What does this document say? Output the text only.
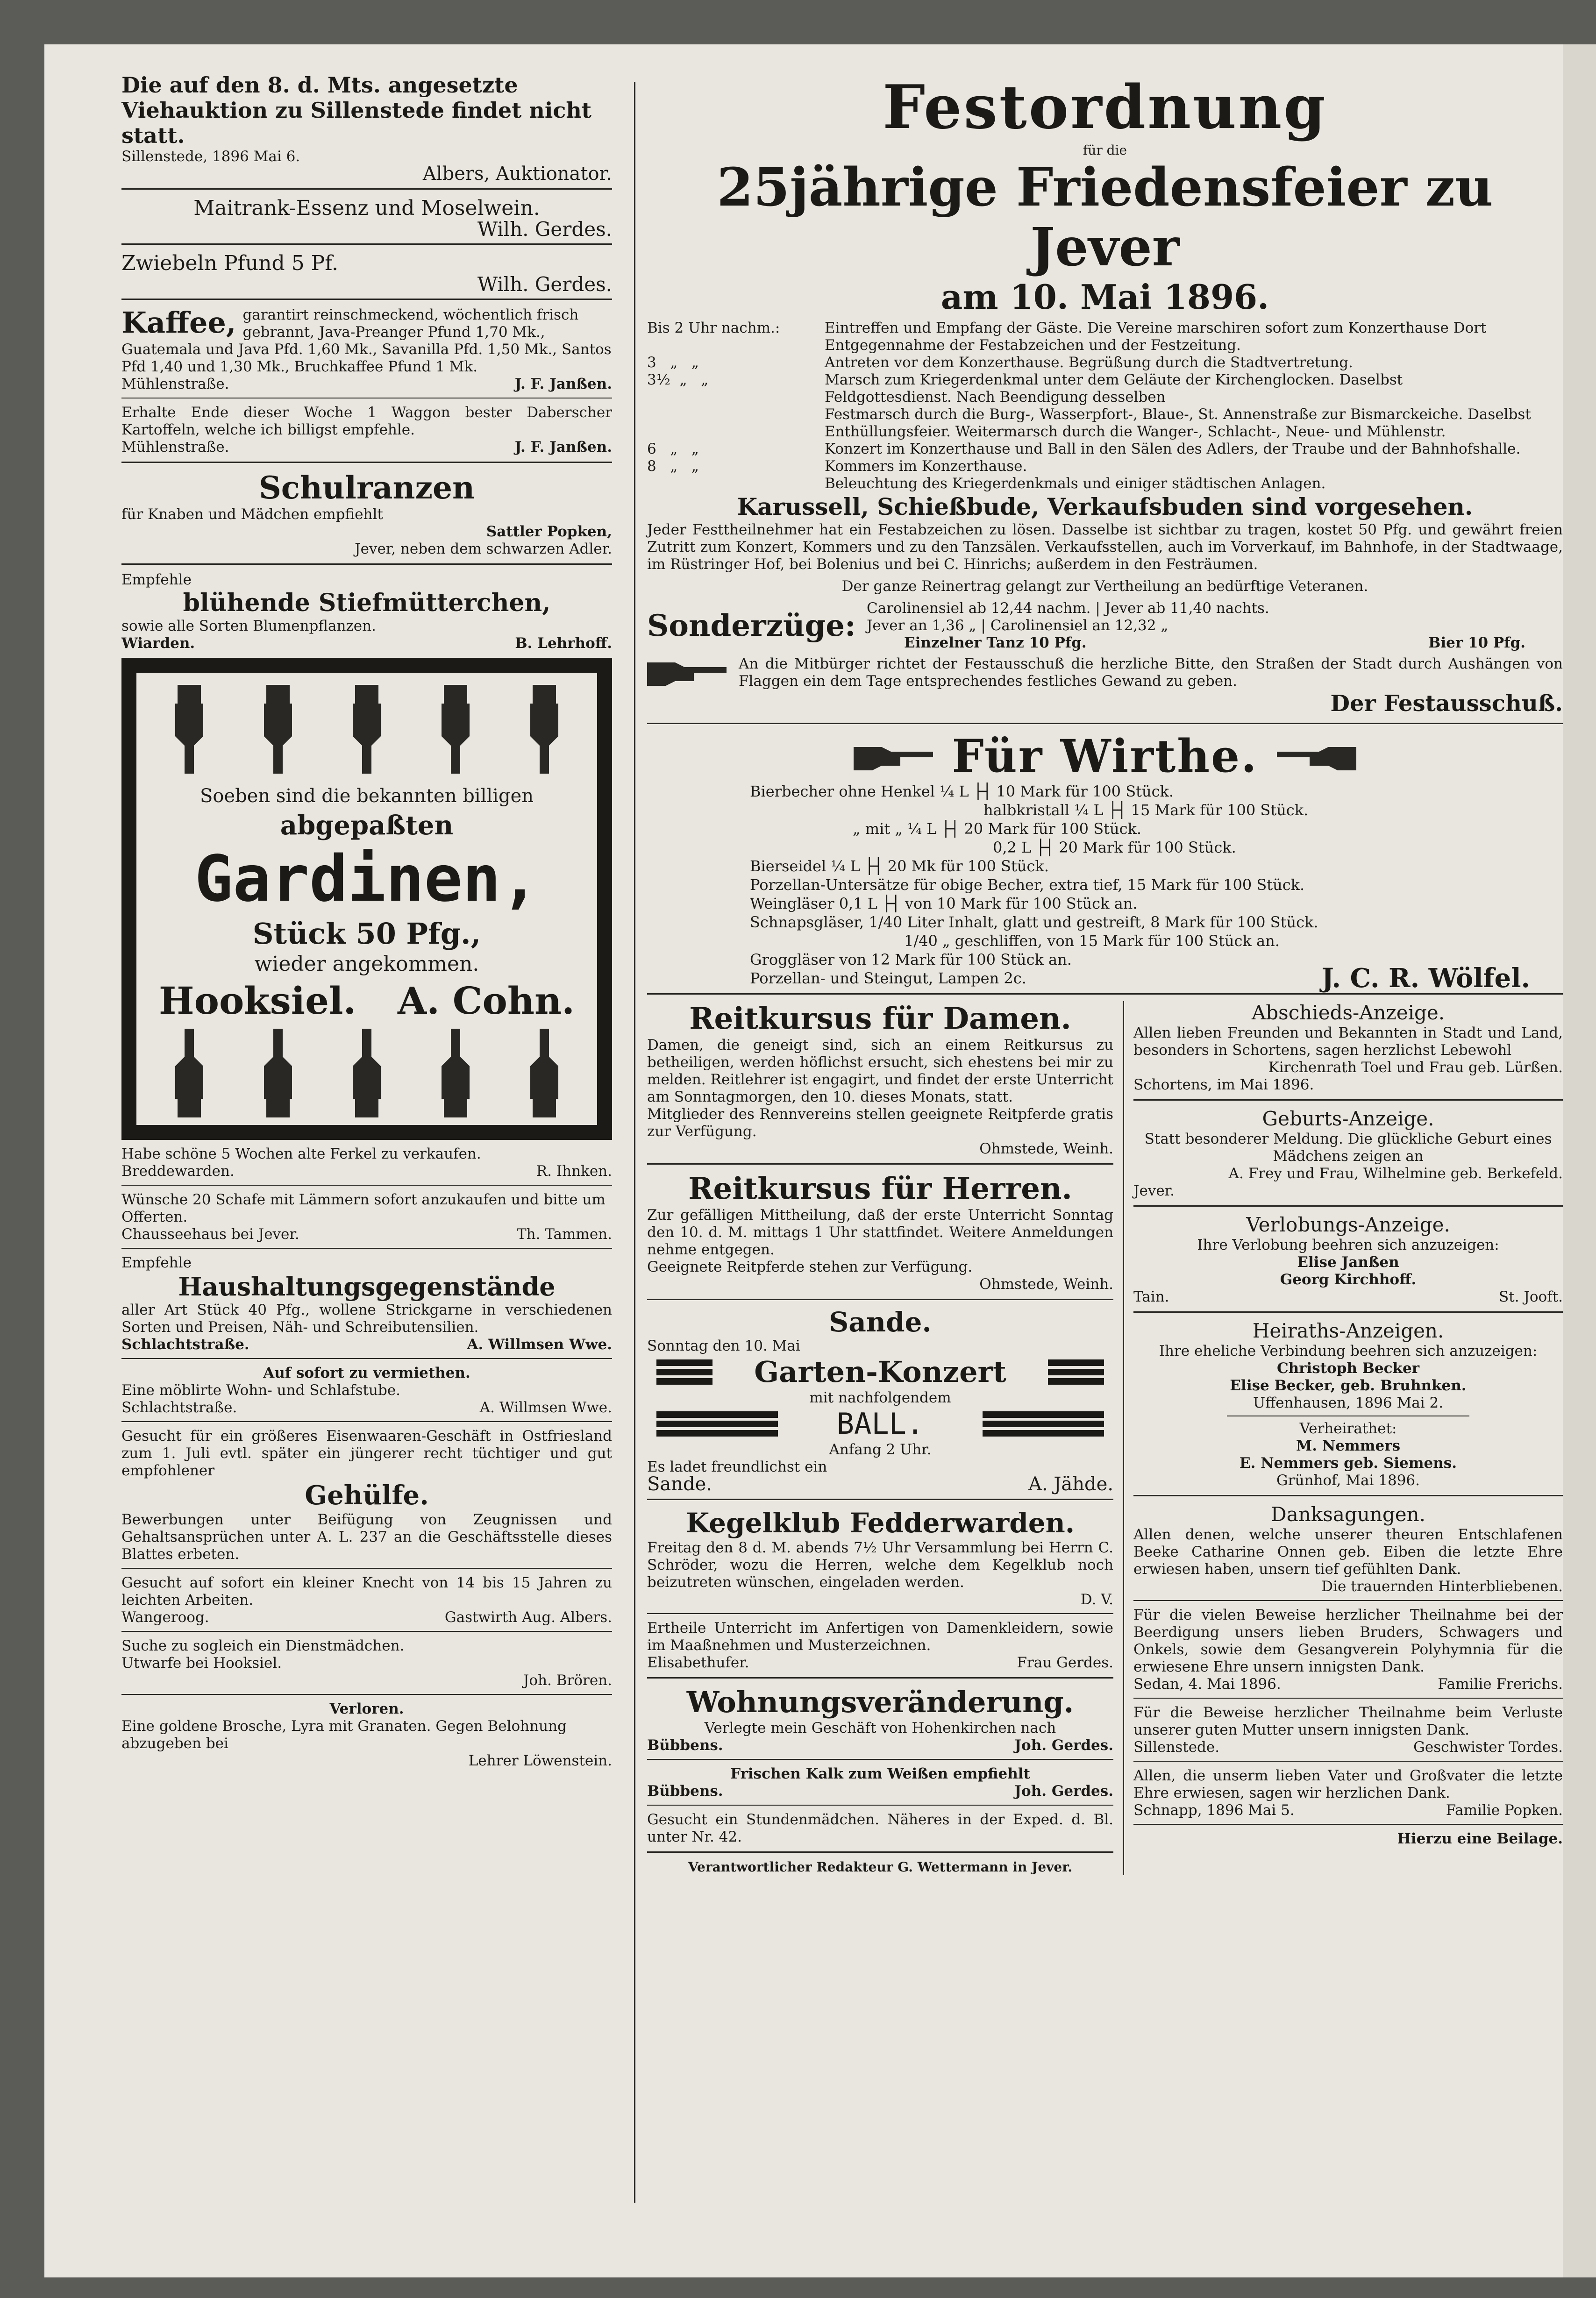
Die auf den 8. d. Mts. angesetzte Viehauktion zu Sillenstede findet nicht statt.
Sillenstede, 1896 Mai 6.
Albers, Auktionator.
Maitrank-Essenz und Moselwein.
Wilh. Gerdes.
Zwiebeln Pfund 5 Pf.
Wilh. Gerdes.
Kaffee, garantirt reinschmeckend, wöchentlich frisch gebrannt, Java-Preanger Pfund 1,70 Mk., Guatemala und Java Pfd. 1,60 Mk., Savanilla Pfd. 1,50 Mk., Santos Pfd 1,40 und 1,30 Mk., Bruchkaffee Pfund 1 Mk.
Mühlenstraße.	J. F. Janßen.
Erhalte Ende dieser Woche 1 Waggon bester Daberscher Kartoffeln, welche ich billigst empfehle.
Mühlenstraße.	J. F. Janßen.
Schulranzen
für Knaben und Mädchen empfiehlt
Sattler Popken,
Jever, neben dem schwarzen Adler.
Empfehle
blühende Stiefmütterchen,
sowie alle Sorten Blumenpflanzen.
Wiarden.	B. Lehrhoff.
Soeben sind die bekannten billigen
abgepaßten
Gardinen,
Stück 50 Pfg.,
wieder angekommen.
Hooksiel. A. Cohn.
Habe schöne 5 Wochen alte Ferkel zu verkaufen.
Breddewarden.	R. Ihnken.
Wünsche 20 Schafe mit Lämmern sofort anzukaufen und bitte um Offerten.
Chausseehaus bei Jever.	Th. Tammen.
Empfehle
Haushaltungsgegenstände
aller Art Stück 40 Pfg., wollene Strickgarne in verschiedenen Sorten und Preisen, Näh- und Schreibutensilien.
Schlachtstraße.	A. Willmsen Wwe.
Auf sofort zu vermiethen.
Eine möblirte Wohn- und Schlafstube.
Schlachtstraße.	A. Willmsen Wwe.
Gesucht für ein größeres Eisenwaaren-Geschäft in Ostfriesland zum 1. Juli evtl. später ein jüngerer recht tüchtiger und gut empfohlener
Gehülfe.
Bewerbungen unter Beifügung von Zeugnissen und Gehaltsansprüchen unter A. L. 237 an die Geschäftsstelle dieses Blattes erbeten.
Gesucht auf sofort ein kleiner Knecht von 14 bis 15 Jahren zu leichten Arbeiten.
Wangeroog.	Gastwirth Aug. Albers.
Suche zu sogleich ein Dienstmädchen.
Utwarfe bei Hooksiel.
Joh. Brören.
Verloren.
Eine goldene Brosche, Lyra mit Granaten. Gegen Belohnung abzugeben bei
Lehrer Löwenstein.
Festordnung
für die
25jährige Friedensfeier zu Jever
am 10. Mai 1896.
Bis 2 Uhr nachm.:	Eintreffen und Empfang der Gäste. Die Vereine marschiren sofort zum Konzerthause Dort Entgegennahme der Festabzeichen und der Festzeitung.
3   „   „	Antreten vor dem Konzerthause. Begrüßung durch die Stadtvertretung.
3½  „   „	Marsch zum Kriegerdenkmal unter dem Geläute der Kirchenglocken. Daselbst
Feldgottesdienst. Nach Beendigung desselben
Festmarsch durch die Burg-, Wasserpfort-, Blaue-, St. Annenstraße zur Bismarckeiche. Daselbst
Enthüllungsfeier. Weitermarsch durch die Wanger-, Schlacht-, Neue- und Mühlenstr.
6   „   „	Konzert im Konzerthause und Ball in den Sälen des Adlers, der Traube und der Bahnhofshalle.
8   „   „	Kommers im Konzerthause.
Beleuchtung des Kriegerdenkmals und einiger städtischen Anlagen.
Karussell, Schießbude, Verkaufsbuden sind vorgesehen.
Jeder Festtheilnehmer hat ein Festabzeichen zu lösen. Dasselbe ist sichtbar zu tragen, kostet 50 Pfg. und gewährt freien Zutritt zum Konzert, Kommers und zu den Tanzsälen. Verkaufsstellen, auch im Vorverkauf, im Bahnhofe, in der Stadtwaage, im Rüstringer Hof, bei Bolenius und bei C. Hinrichs; außerdem in den Festräumen.
Der ganze Reinertrag gelangt zur Vertheilung an bedürftige Veteranen.
Sonderzüge: Carolinensiel ab 12,44 nachm. | Jever ab 11,40 nachts.
Jever an 1,36 „ | Carolinensiel an 12,32 „
Einzelner Tanz 10 Pfg.	Bier 10 Pfg.
An die Mitbürger richtet der Festausschuß die herzliche Bitte, den Straßen der Stadt durch Aushängen von Flaggen ein dem Tage entsprechendes festliches Gewand zu geben.
Der Festausschuß.
Für Wirthe.
Bierbecher ohne Henkel ¼ L ├┤ 10 Mark für 100 Stück.
halbkristall ¼ L ├┤ 15 Mark für 100 Stück.
„ mit „ ¼ L ├┤ 20 Mark für 100 Stück.
0,2 L ├┤ 20 Mark für 100 Stück.
Bierseidel ¼ L ├┤ 20 Mk für 100 Stück.
Porzellan-Untersätze für obige Becher, extra tief, 15 Mark für 100 Stück.
Weingläser 0,1 L ├┤ von 10 Mark für 100 Stück an.
Schnapsgläser, 1/40 Liter Inhalt, glatt und gestreift, 8 Mark für 100 Stück.
1/40 „ geschliffen, von 15 Mark für 100 Stück an.
Groggläser von 12 Mark für 100 Stück an.
Porzellan- und Steingut, Lampen 2c.	J. C. R. Wölfel.
Reitkursus für Damen.
Damen, die geneigt sind, sich an einem Reitkursus zu betheiligen, werden höflichst ersucht, sich ehestens bei mir zu melden. Reitlehrer ist engagirt, und findet der erste Unterricht am Sonntagmorgen, den 10. dieses Monats, statt.
Mitglieder des Rennvereins stellen geeignete Reitpferde gratis zur Verfügung.
Ohmstede, Weinh.
Reitkursus für Herren.
Zur gefälligen Mittheilung, daß der erste Unterricht Sonntag den 10. d. M. mittags 1 Uhr stattfindet. Weitere Anmeldungen nehme entgegen.
Geeignete Reitpferde stehen zur Verfügung.
Ohmstede, Weinh.
Sande.
Sonntag den 10. Mai
Garten-Konzert
mit nachfolgendem
BALL.
Anfang 2 Uhr.
Es ladet freundlichst ein
Sande.	A. Jähde.
Kegelklub Fedderwarden.
Freitag den 8 d. M. abends 7½ Uhr Versammlung bei Herrn C. Schröder, wozu die Herren, welche dem Kegelklub noch beizutreten wünschen, eingeladen werden.
D. V.
Ertheile Unterricht im Anfertigen von Damenkleidern, sowie im Maaßnehmen und Musterzeichnen.
Elisabethufer.	Frau Gerdes.
Wohnungsveränderung.
Verlegte mein Geschäft von Hohenkirchen nach
Bübbens.	Joh. Gerdes.
Frischen Kalk zum Weißen empfiehlt
Bübbens.	Joh. Gerdes.
Gesucht ein Stundenmädchen. Näheres in der Exped. d. Bl. unter Nr. 42.
Verantwortlicher Redakteur G. Wettermann in Jever.
Abschieds-Anzeige.
Allen lieben Freunden und Bekannten in Stadt und Land, besonders in Schortens, sagen herzlichst Lebewohl
Kirchenrath Toel und Frau geb. Lürßen.
Schortens, im Mai 1896.
Geburts-Anzeige.
Statt besonderer Meldung. Die glückliche Geburt eines Mädchens zeigen an
A. Frey und Frau, Wilhelmine geb. Berkefeld.
Jever.
Verlobungs-Anzeige.
Ihre Verlobung beehren sich anzuzeigen:
Elise Janßen
Georg Kirchhoff.
Tain.	St. Jooft.
Heiraths-Anzeigen.
Ihre eheliche Verbindung beehren sich anzuzeigen:
Christoph Becker
Elise Becker, geb. Bruhnken.
Uffenhausen, 1896 Mai 2.
Verheirathet:
M. Nemmers
E. Nemmers geb. Siemens.
Grünhof, Mai 1896.
Danksagungen.
Allen denen, welche unserer theuren Entschlafenen Beeke Catharine Onnen geb. Eiben die letzte Ehre erwiesen haben, unsern tief gefühlten Dank.
Die trauernden Hinterbliebenen.
Für die vielen Beweise herzlicher Theilnahme bei der Beerdigung unsers lieben Bruders, Schwagers und Onkels, sowie dem Gesangverein Polyhymnia für die erwiesene Ehre unsern innigsten Dank.
Sedan, 4. Mai 1896.	Familie Frerichs.
Für die Beweise herzlicher Theilnahme beim Verluste unserer guten Mutter unsern innigsten Dank.
Sillenstede.	Geschwister Tordes.
Allen, die unserm lieben Vater und Großvater die letzte Ehre erwiesen, sagen wir herzlichen Dank.
Schnapp, 1896 Mai 5.	Familie Popken.
Hierzu eine Beilage.
